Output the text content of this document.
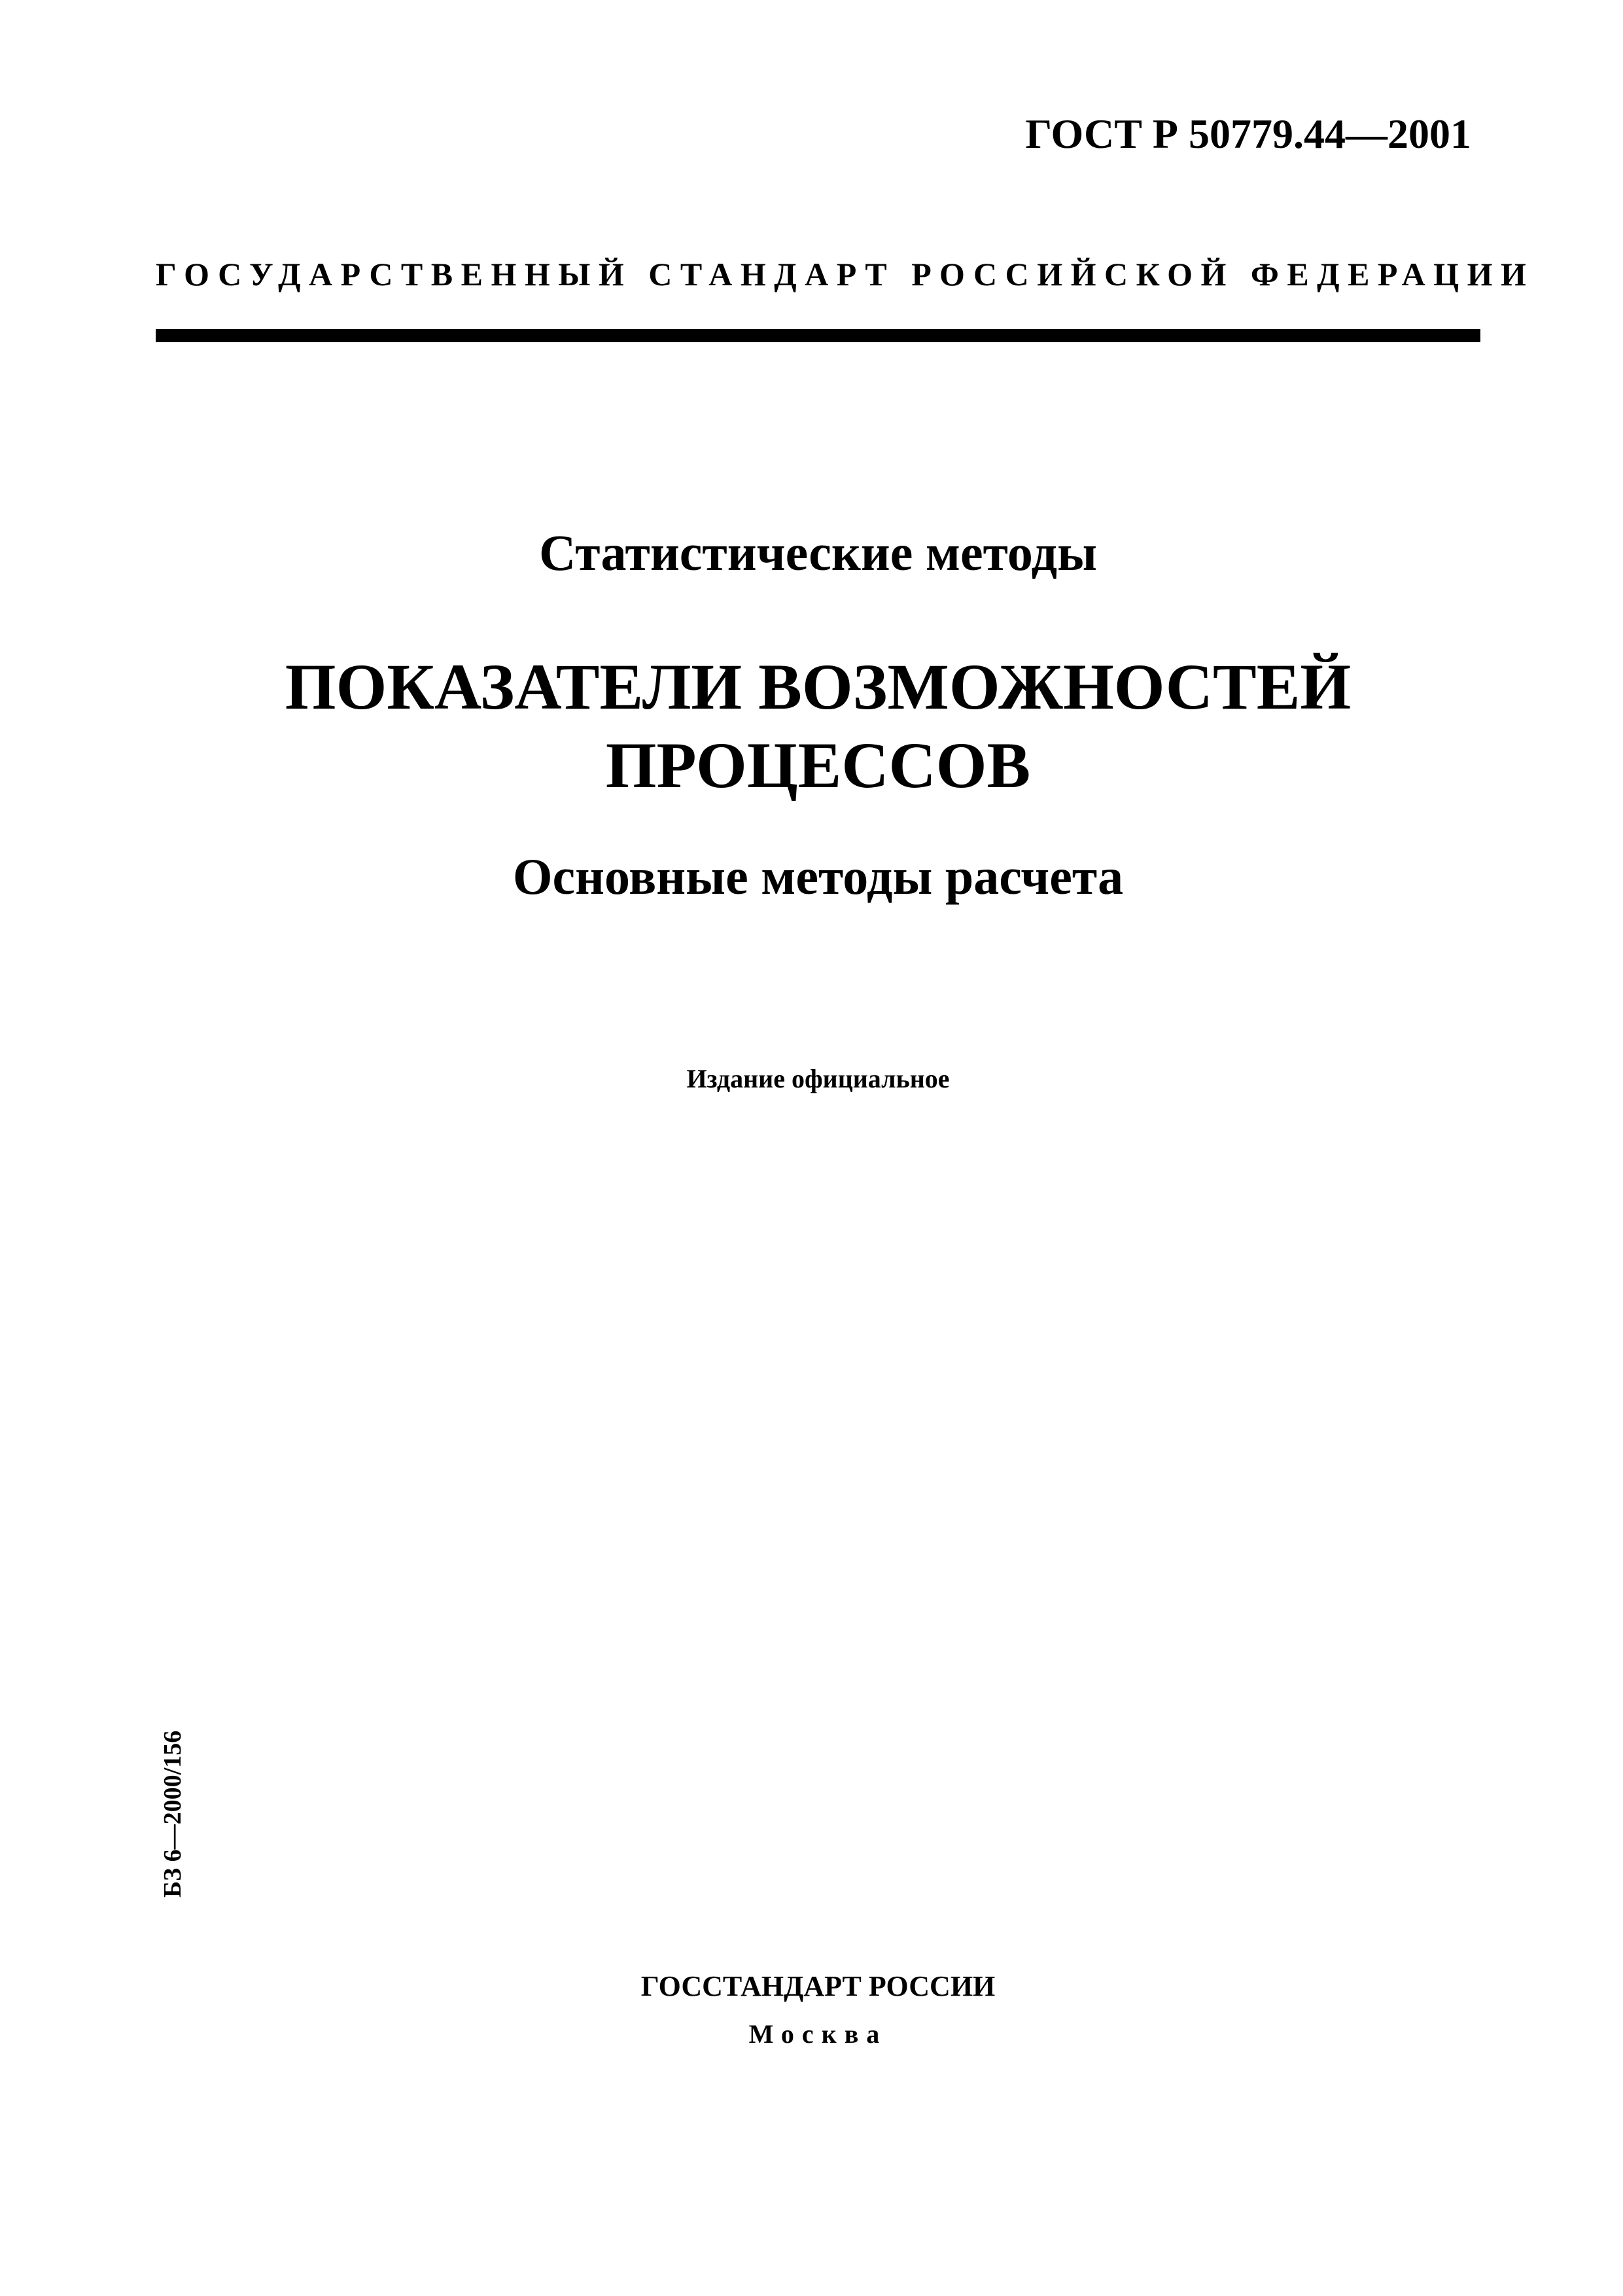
ГОСТ Р 50779.44—2001
ГОСУДАРСТВЕННЫЙ СТАНДАРТ РОССИЙСКОЙ ФЕДЕРАЦИИ
Статистические методы
ПОКАЗАТЕЛИ ВОЗМОЖНОСТЕЙ
ПРОЦЕССОВ
Основные методы расчета
Издание официальное
БЗ 6—2000/156
ГОССТАНДАРТ РОССИИ
Москва
